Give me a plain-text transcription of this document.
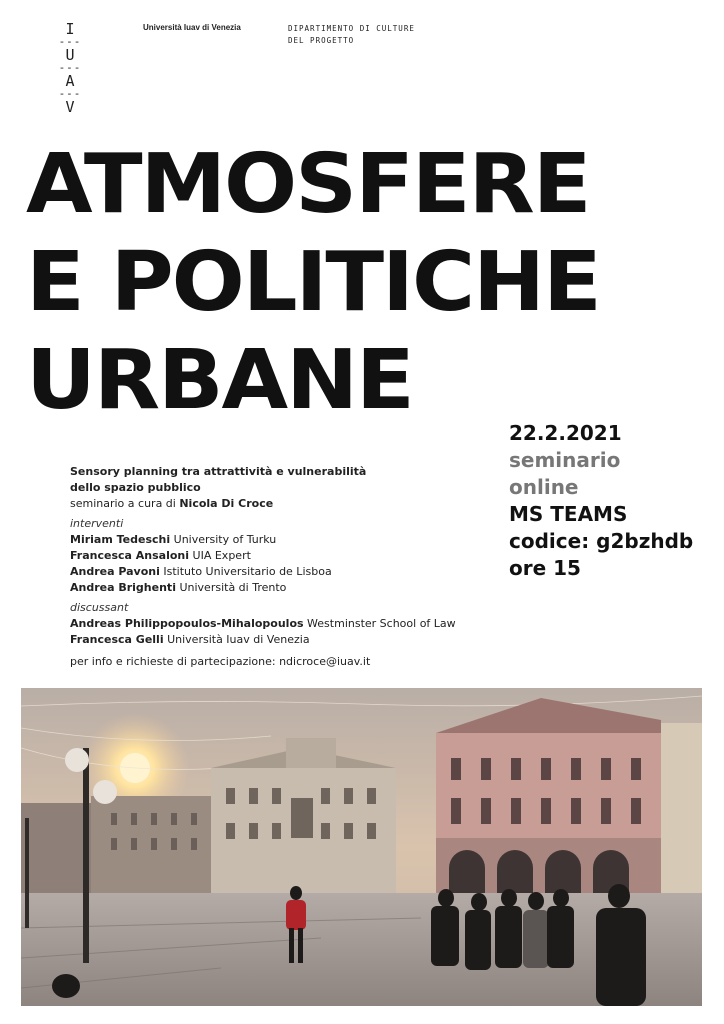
I
---
U
---
A
---
V
Università Iuav di Venezia	DIPARTIMENTO DI CULTURE
DEL PROGETTO
ATMOSFERE
E POLITICHE
URBANE
22.2.2021
seminario
online
MS TEAMS
codice: g2bzhdb
ore 15
Sensory planning tra attrattività e vulnerabilità
dello spazio pubblico
seminario a cura di Nicola Di Croce
interventi
Miriam Tedeschi University of Turku
Francesca Ansaloni UIA Expert
Andrea Pavoni Istituto Universitario de Lisboa
Andrea Brighenti Università di Trento
discussant
Andreas Philippopoulos-Mihalopoulos Westminster School of Law
Francesca Gelli Università Iuav di Venezia
per info e richieste di partecipazione: ndicroce@iuav.it
